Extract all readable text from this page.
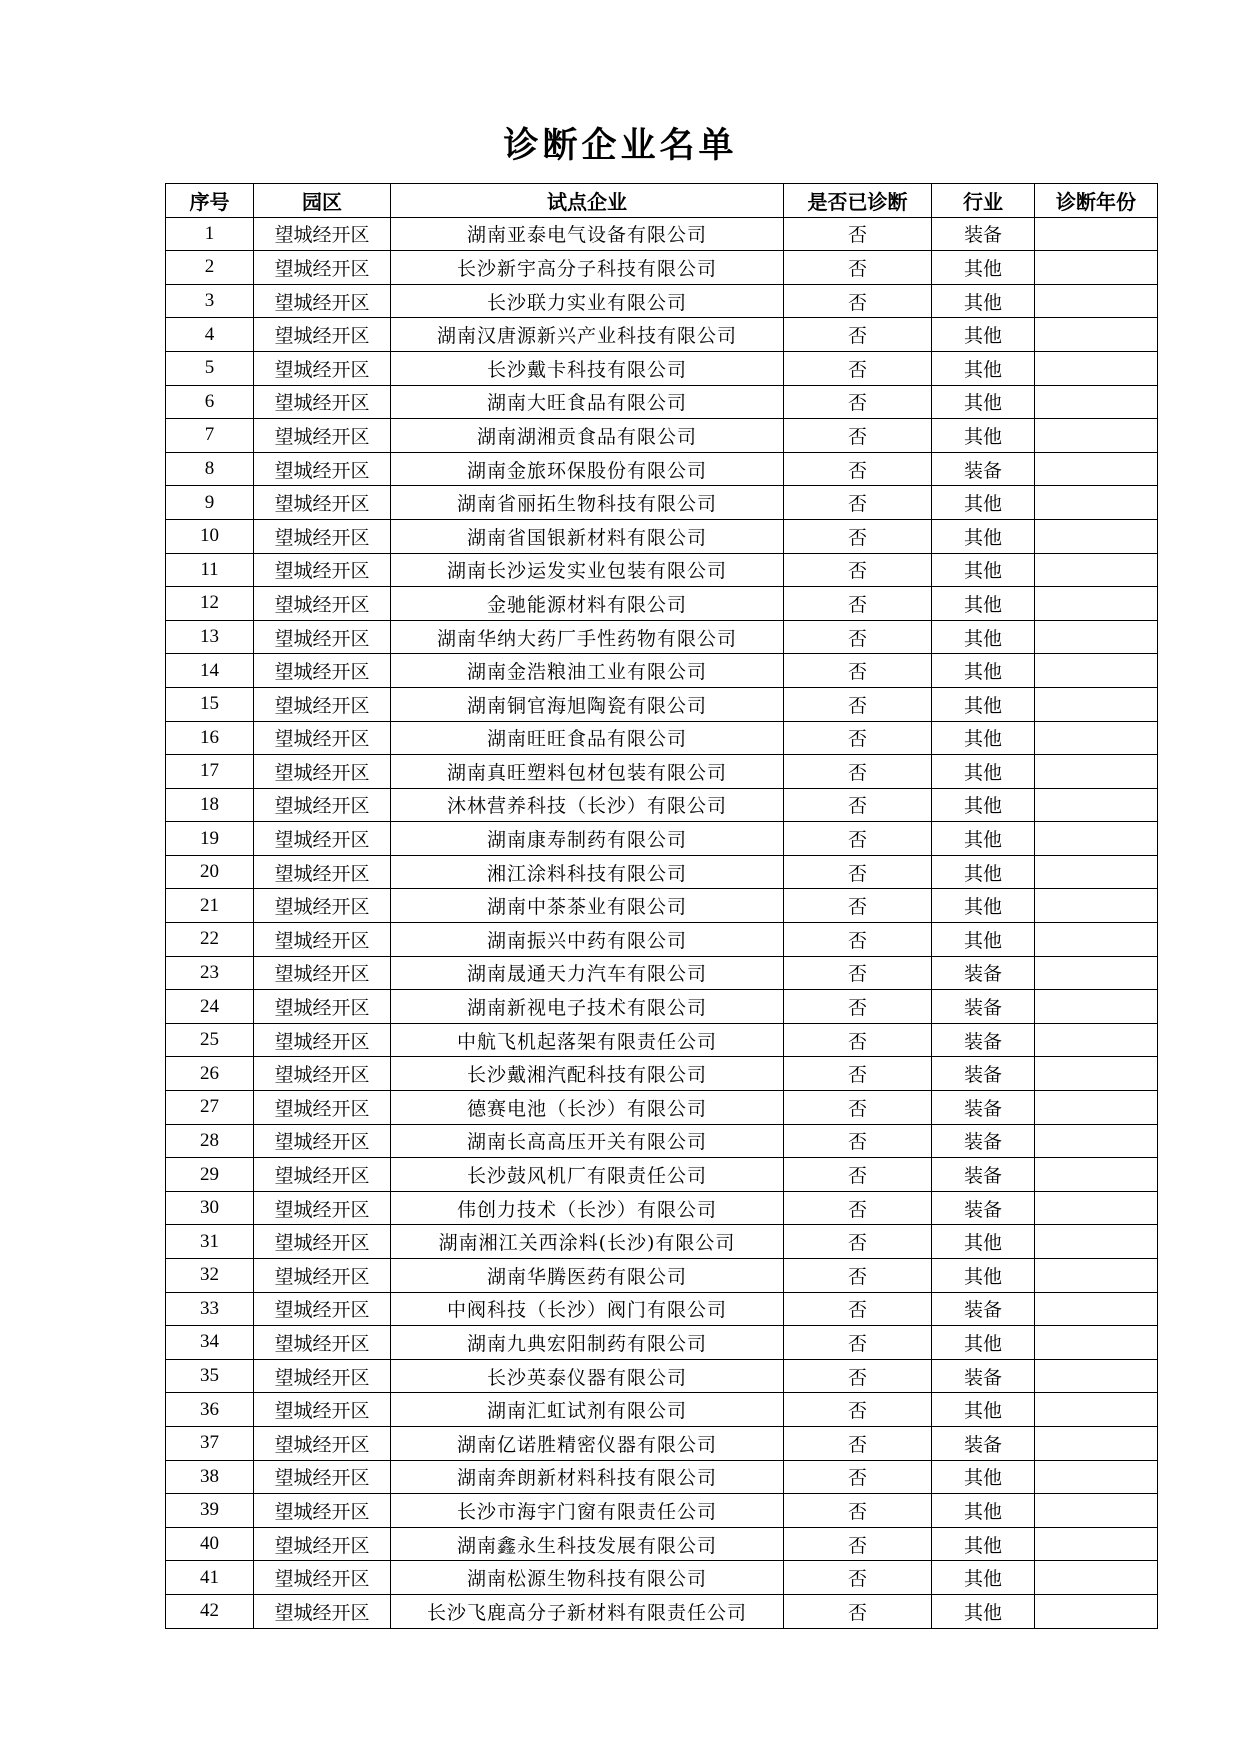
诊断企业名单
序号	园区	试点企业	是否已诊断	行业	诊断年份
1	望城经开区	湖南亚泰电气设备有限公司	否	装备	
2	望城经开区	长沙新宇高分子科技有限公司	否	其他	
3	望城经开区	长沙联力实业有限公司	否	其他	
4	望城经开区	湖南汉唐源新兴产业科技有限公司	否	其他	
5	望城经开区	长沙戴卡科技有限公司	否	其他	
6	望城经开区	湖南大旺食品有限公司	否	其他	
7	望城经开区	湖南湖湘贡食品有限公司	否	其他	
8	望城经开区	湖南金旅环保股份有限公司	否	装备	
9	望城经开区	湖南省丽拓生物科技有限公司	否	其他	
10	望城经开区	湖南省国银新材料有限公司	否	其他	
11	望城经开区	湖南长沙运发实业包装有限公司	否	其他	
12	望城经开区	金驰能源材料有限公司	否	其他	
13	望城经开区	湖南华纳大药厂手性药物有限公司	否	其他	
14	望城经开区	湖南金浩粮油工业有限公司	否	其他	
15	望城经开区	湖南铜官海旭陶瓷有限公司	否	其他	
16	望城经开区	湖南旺旺食品有限公司	否	其他	
17	望城经开区	湖南真旺塑料包材包装有限公司	否	其他	
18	望城经开区	沐林营养科技（长沙）有限公司	否	其他	
19	望城经开区	湖南康寿制药有限公司	否	其他	
20	望城经开区	湘江涂料科技有限公司	否	其他	
21	望城经开区	湖南中茶茶业有限公司	否	其他	
22	望城经开区	湖南振兴中药有限公司	否	其他	
23	望城经开区	湖南晟通天力汽车有限公司	否	装备	
24	望城经开区	湖南新视电子技术有限公司	否	装备	
25	望城经开区	中航飞机起落架有限责任公司	否	装备	
26	望城经开区	长沙戴湘汽配科技有限公司	否	装备	
27	望城经开区	德赛电池（长沙）有限公司	否	装备	
28	望城经开区	湖南长高高压开关有限公司	否	装备	
29	望城经开区	长沙鼓风机厂有限责任公司	否	装备	
30	望城经开区	伟创力技术（长沙）有限公司	否	装备	
31	望城经开区	湖南湘江关西涂料(长沙)有限公司	否	其他	
32	望城经开区	湖南华腾医药有限公司	否	其他	
33	望城经开区	中阀科技（长沙）阀门有限公司	否	装备	
34	望城经开区	湖南九典宏阳制药有限公司	否	其他	
35	望城经开区	长沙英泰仪器有限公司	否	装备	
36	望城经开区	湖南汇虹试剂有限公司	否	其他	
37	望城经开区	湖南亿诺胜精密仪器有限公司	否	装备	
38	望城经开区	湖南奔朗新材料科技有限公司	否	其他	
39	望城经开区	长沙市海宇门窗有限责任公司	否	其他	
40	望城经开区	湖南鑫永生科技发展有限公司	否	其他	
41	望城经开区	湖南松源生物科技有限公司	否	其他	
42	望城经开区	长沙飞鹿高分子新材料有限责任公司	否	其他	
